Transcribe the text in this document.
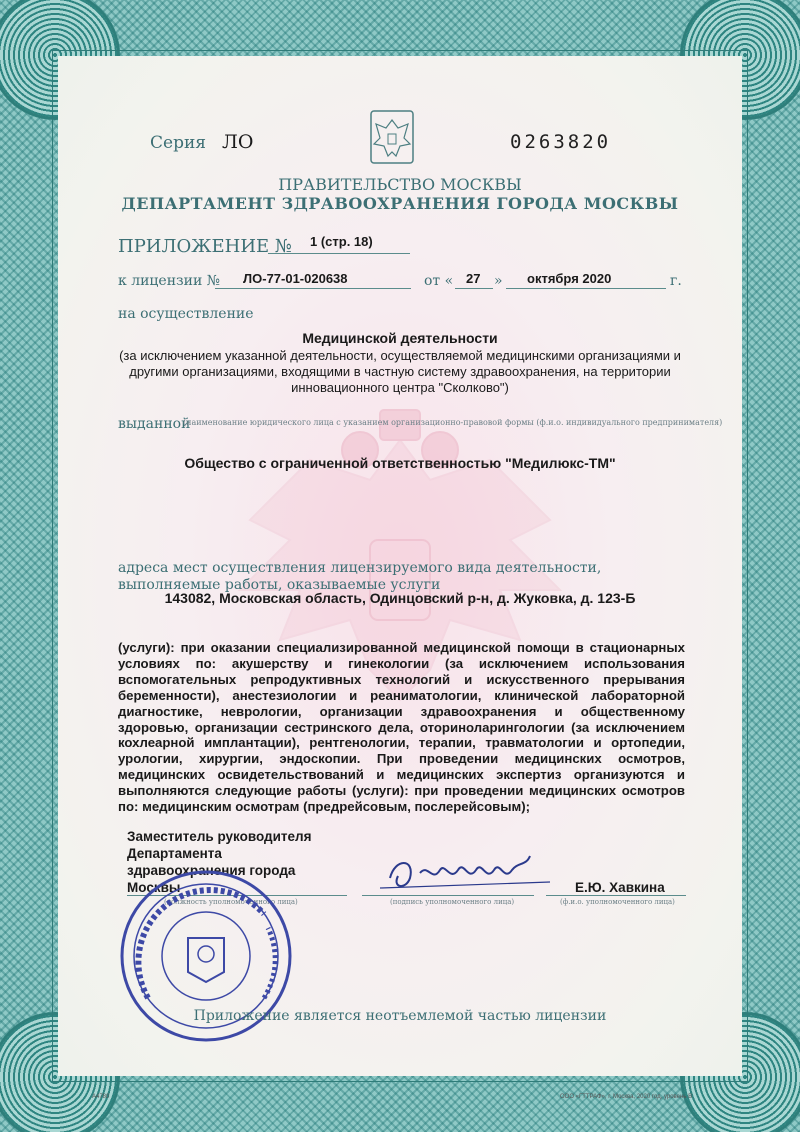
Серия ЛО	0263820
ПРАВИТЕЛЬСТВО МОСКВЫ
ДЕПАРТАМЕНТ ЗДРАВООХРАНЕНИЯ ГОРОДА МОСКВЫ
ПРИЛОЖЕНИЕ № 1 (стр. 18)
к лицензии № ЛО-77-01-020638	от « 27 » октября 2020	г.
на осуществление
Медицинской деятельности
(за исключением указанной деятельности, осуществляемой медицинскими организациями и другими организациями, входящими в частную систему здравоохранения, на территории инновационного центра "Сколково")
выданной
(наименование юридического лица с указанием организационно-правовой формы (ф.и.о. индивидуального предпринимателя)
Общество с ограниченной ответственностью "Медилюкс-ТМ"
адреса мест осуществления лицензируемого вида деятельности, выполняемые работы, оказываемые услуги
143082, Московская область, Одинцовский р-н, д. Жуковка, д. 123-Б
(услуги): при оказании специализированной медицинской помощи в стационарных условиях по: акушерству и гинекологии (за исключением использования вспомогательных репродуктивных технологий и искусственного прерывания беременности), анестезиологии и реаниматологии, клинической лабораторной диагностике, неврологии, организации здравоохранения и общественному здоровью, организации сестринского дела, оториноларингологии (за исключением кохлеарной имплантации), рентгенологии, терапии, травматологии и ортопедии, урологии, хирургии, эндоскопии. При проведении медицинских осмотров, медицинских освидетельствований и медицинских экспертиз организуются и выполняются следующие работы (услуги): при проведении медицинских осмотров по: медицинским осмотрам (предрейсовым, послерейсовым);
Заместитель руководителя
Департамента
здравоохранения города
Москвы	Е.Ю. Хавкина
(должность уполномоченного лица)	(подпись уполномоченного лица)	(ф.и.о. уполномоченного лица)
Приложение является неотъемлемой частью лицензии
А4780	ООО «ГТТРАФ», г. Москва, 2020 год, уровень В
